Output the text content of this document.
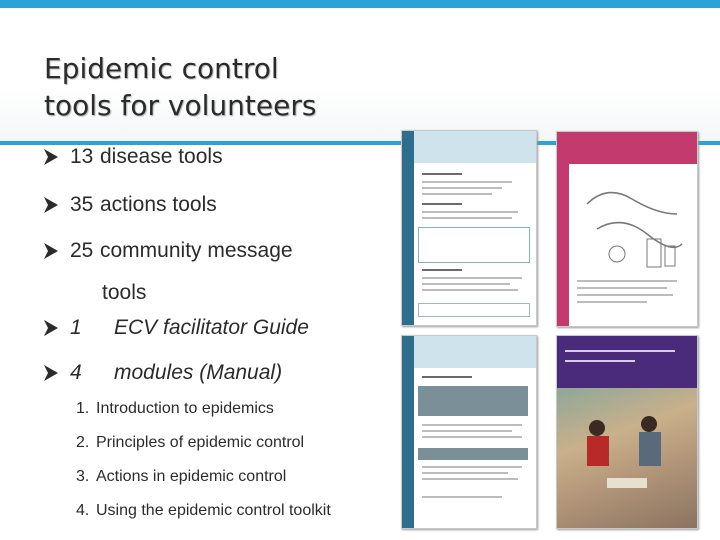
Epidemic control
tools for volunteers
13 disease tools
35 actions tools
25 community message
tools
1	ECV facilitator Guide
4	modules (Manual)
1. Introduction to epidemics
2. Principles of epidemic control
3. Actions in epidemic control
4. Using the epidemic control toolkit
